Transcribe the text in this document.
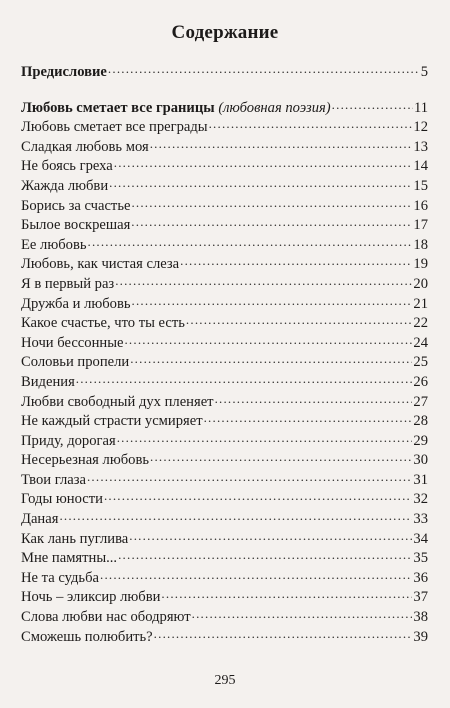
Содержание
Предисловие .....	5
Любовь сметает все границы (любовная поэзия) .....	11
Любовь сметает все преграды .....	12
Сладкая любовь моя .....	13
Не боясь греха .....	14
Жажда любви .....	15
Борись за счастье .....	16
Былое воскрешая .....	17
Ее любовь .....	18
Любовь, как чистая слеза .....	19
Я в первый раз .....	20
Дружба и любовь .....	21
Какое счастье, что ты есть .....	22
Ночи бессонные .....	24
Соловьи пропели .....	25
Видения .....	26
Любви свободный дух пленяет .....	27
Не каждый страсти усмиряет .....	28
Приду, дорогая .....	29
Несерьезная любовь .....	30
Твои глаза .....	31
Годы юности .....	32
Даная .....	33
Как лань пуглива .....	34
Мне памятны... .....	35
Не та судьба .....	36
Ночь – эликсир любви .....	37
Слова любви нас ободряют .....	38
Сможешь полюбить? .....	39
295
